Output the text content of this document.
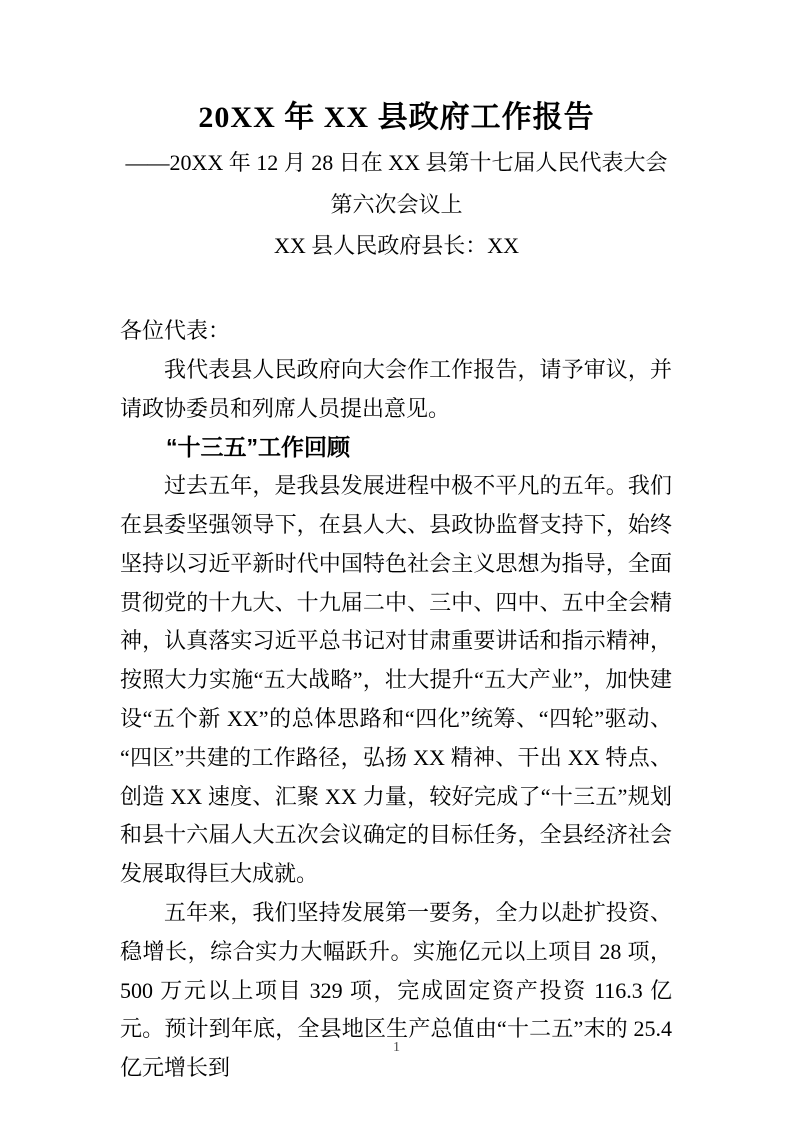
20XX 年 XX 县政府工作报告
——20XX 年 12 月 28 日在 XX 县第十七届人民代表大会第六次会议上
XX 县人民政府县长：XX

各位代表：

我代表县人民政府向大会作工作报告，请予审议，并请政协委员和列席人员提出意见。

“十三五”工作回顾

过去五年，是我县发展进程中极不平凡的五年。我们在县委坚强领导下，在县人大、县政协监督支持下，始终坚持以习近平新时代中国特色社会主义思想为指导，全面贯彻党的十九大、十九届二中、三中、四中、五中全会精神，认真落实习近平总书记对甘肃重要讲话和指示精神，按照大力实施“五大战略”，壮大提升“五大产业”，加快建设“五个新 XX”的总体思路和“四化”统筹、“四轮”驱动、“四区”共建的工作路径，弘扬 XX 精神、干出 XX 特点、创造 XX 速度、汇聚 XX 力量，较好完成了“十三五”规划和县十六届人大五次会议确定的目标任务，全县经济社会发展取得巨大成就。

五年来，我们坚持发展第一要务，全力以赴扩投资、稳增长，综合实力大幅跃升。实施亿元以上项目 28 项，500 万元以上项目 329 项，完成固定资产投资 116.3 亿元。预计到年底，全县地区生产总值由“十二五”末的 25.4 亿元增长到

1
